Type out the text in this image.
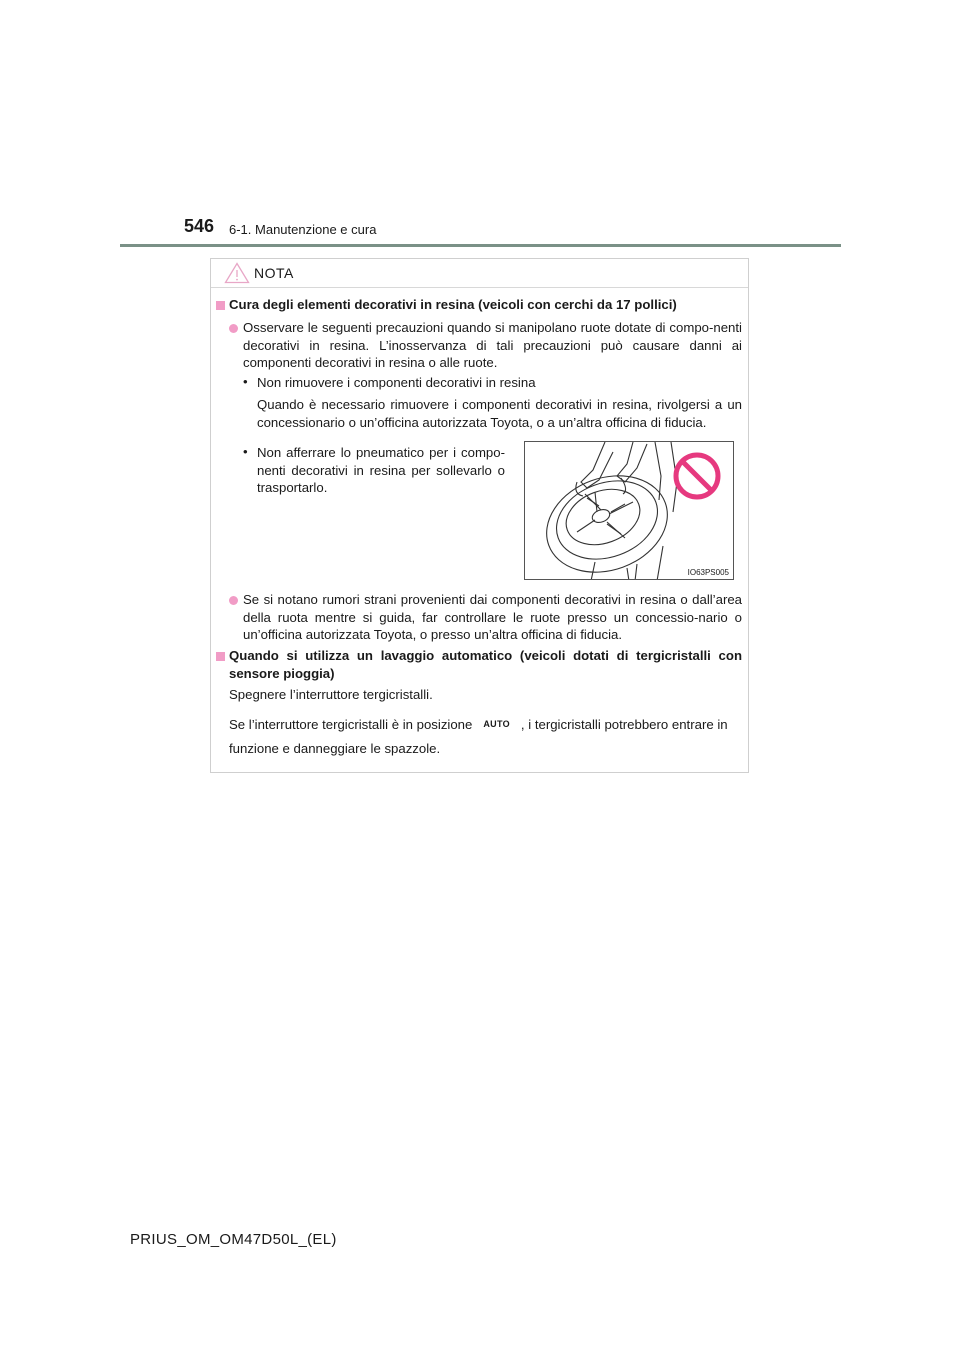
546 6-1. Manutenzione e cura
NOTA
Cura degli elementi decorativi in resina (veicoli con cerchi da 17 pollici)
Osservare le seguenti precauzioni quando si manipolano ruote dotate di compo-nenti decorativi in resina. L’inosservanza di tali precauzioni può causare danni ai componenti decorativi in resina o alle ruote.
• Non rimuovere i componenti decorativi in resina
Quando è necessario rimuovere i componenti decorativi in resina, rivolgersi a un concessionario o un’officina autorizzata Toyota, o a un’altra officina di fiducia.
• Non afferrare lo pneumatico per i compo-nenti decorativi in resina per sollevarlo o trasportarlo.
IO63PS005
Se si notano rumori strani provenienti dai componenti decorativi in resina o dall’area della ruota mentre si guida, far controllare le ruote presso un concessio-nario o un’officina autorizzata Toyota, o presso un’altra officina di fiducia.
Quando si utilizza un lavaggio automatico (veicoli dotati di tergicristalli con sensore pioggia)
Spegnere l’interruttore tergicristalli.
Se l’interruttore tergicristalli è in posizione AUTO , i tergicristalli potrebbero entrare in
funzione e danneggiare le spazzole.
PRIUS_OM_OM47D50L_(EL)
